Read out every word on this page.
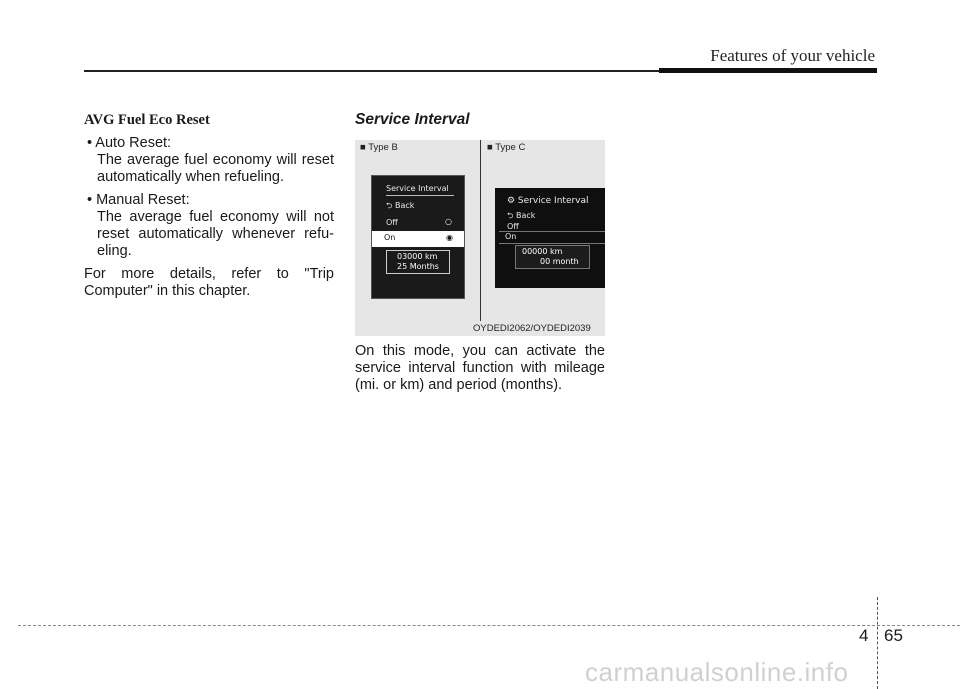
Features of your vehicle
AVG Fuel Eco Reset
• Auto Reset:
The average fuel economy will reset automatically when refueling.
• Manual Reset:
The average fuel economy will not reset automatically whenever refu-eling.
For more details, refer to "Trip Computer" in this chapter.
Service Interval
■ Type B	■ Type C
Service Interval
⮌ Back
Off	○
On	◉
03000 km
25 Months
⚙ Service Interval
⮌ Back
Off
On
00000 km
00 month
OYDEDI2062/OYDEDI2039
On this mode, you can activate the service interval function with mileage (mi. or km) and period (months).
4 65
carmanualsonline.info
